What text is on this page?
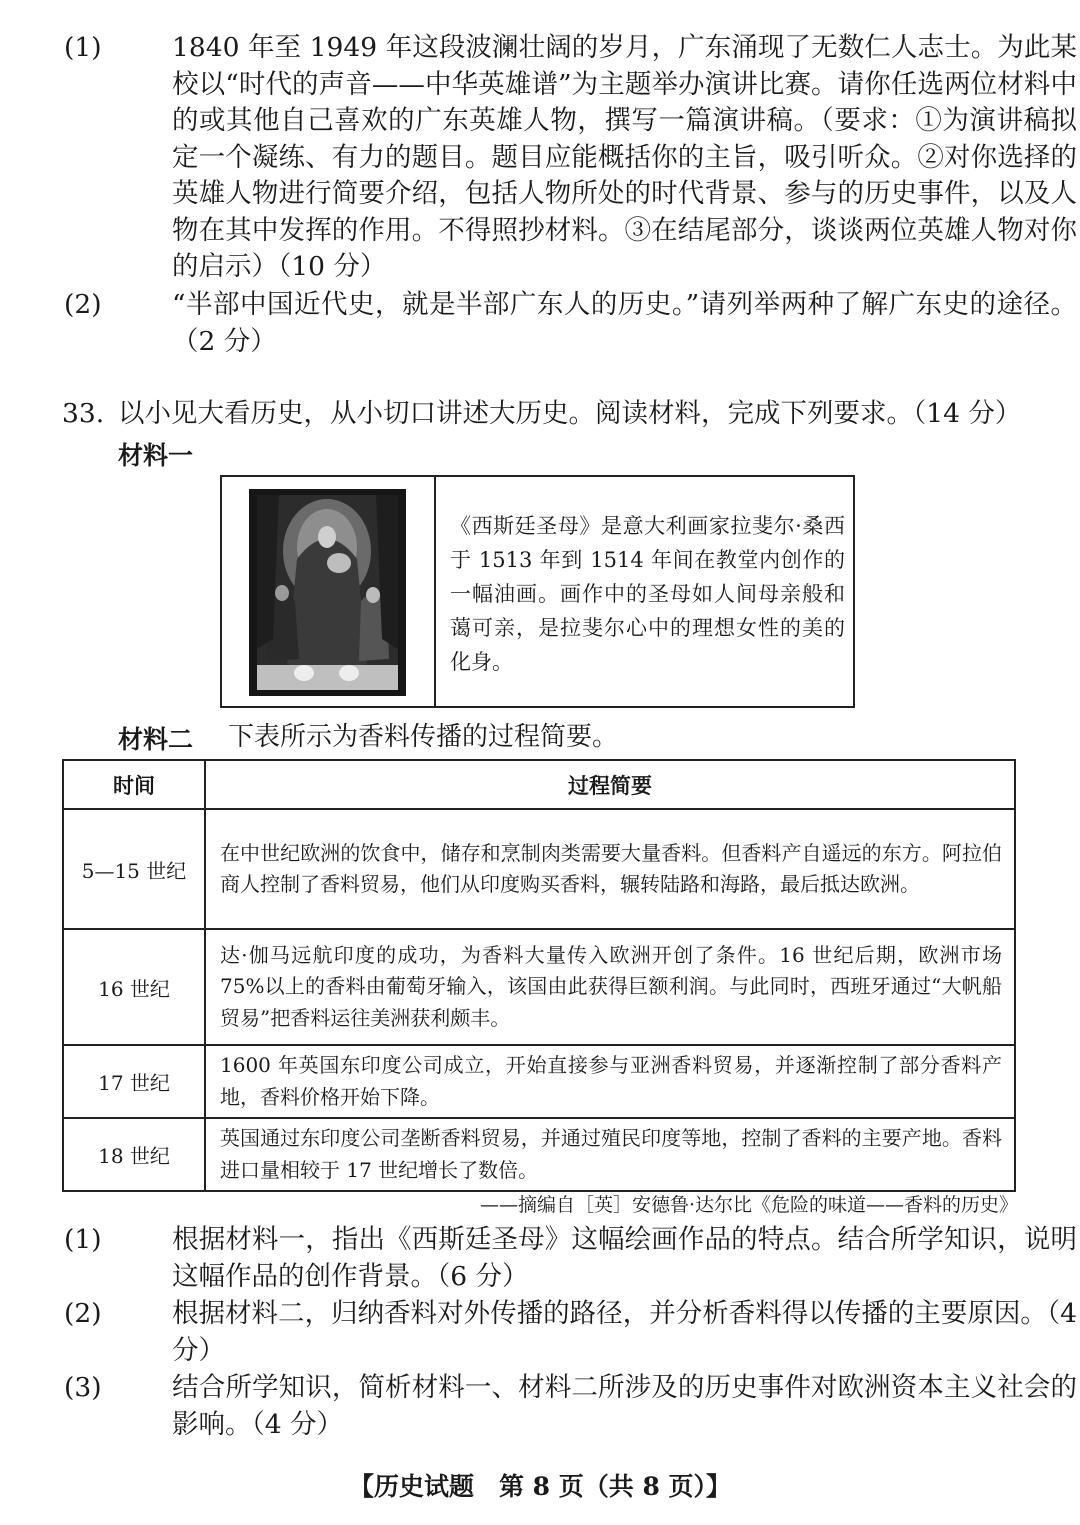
(1)	1840 年至 1949 年这段波澜壮阔的岁月，广东涌现了无数仁人志士。为此某校以“时代的声音——中华英雄谱”为主题举办演讲比赛。请你任选两位材料中的或其他自己喜欢的广东英雄人物，撰写一篇演讲稿。（要求：①为演讲稿拟定一个凝练、有力的题目。题目应能概括你的主旨，吸引听众。②对你选择的英雄人物进行简要介绍，包括人物所处的时代背景、参与的历史事件，以及人物在其中发挥的作用。不得照抄材料。③在结尾部分，谈谈两位英雄人物对你的启示）（10 分）
(2)	“半部中国近代史，就是半部广东人的历史。”请列举两种了解广东史的途径。（2 分）
33. 以小见大看历史，从小切口讲述大历史。阅读材料，完成下列要求。（14 分）
材料一
《西斯廷圣母》是意大利画家拉斐尔·桑西于 1513 年到 1514 年间在教堂内创作的一幅油画。画作中的圣母如人间母亲般和蔼可亲，是拉斐尔心中的理想女性的美的化身。
材料二 下表所示为香料传播的过程简要。
时间	过程简要
5—15 世纪	在中世纪欧洲的饮食中，储存和烹制肉类需要大量香料。但香料产自遥远的东方。阿拉伯商人控制了香料贸易，他们从印度购买香料，辗转陆路和海路，最后抵达欧洲。
16 世纪	达·伽马远航印度的成功，为香料大量传入欧洲开创了条件。16 世纪后期，欧洲市场 75%以上的香料由葡萄牙输入，该国由此获得巨额利润。与此同时，西班牙通过“大帆船贸易”把香料运往美洲获利颇丰。
17 世纪	1600 年英国东印度公司成立，开始直接参与亚洲香料贸易，并逐渐控制了部分香料产地，香料价格开始下降。
18 世纪	英国通过东印度公司垄断香料贸易，并通过殖民印度等地，控制了香料的主要产地。香料进口量相较于 17 世纪增长了数倍。
——摘编自［英］安德鲁·达尔比《危险的味道——香料的历史》
(1)	根据材料一，指出《西斯廷圣母》这幅绘画作品的特点。结合所学知识，说明这幅作品的创作背景。（6 分）
(2)	根据材料二，归纳香料对外传播的路径，并分析香料得以传播的主要原因。（4 分）
(3)	结合所学知识，简析材料一、材料二所涉及的历史事件对欧洲资本主义社会的影响。（4 分）
【历史试题　第 8 页（共 8 页）】
